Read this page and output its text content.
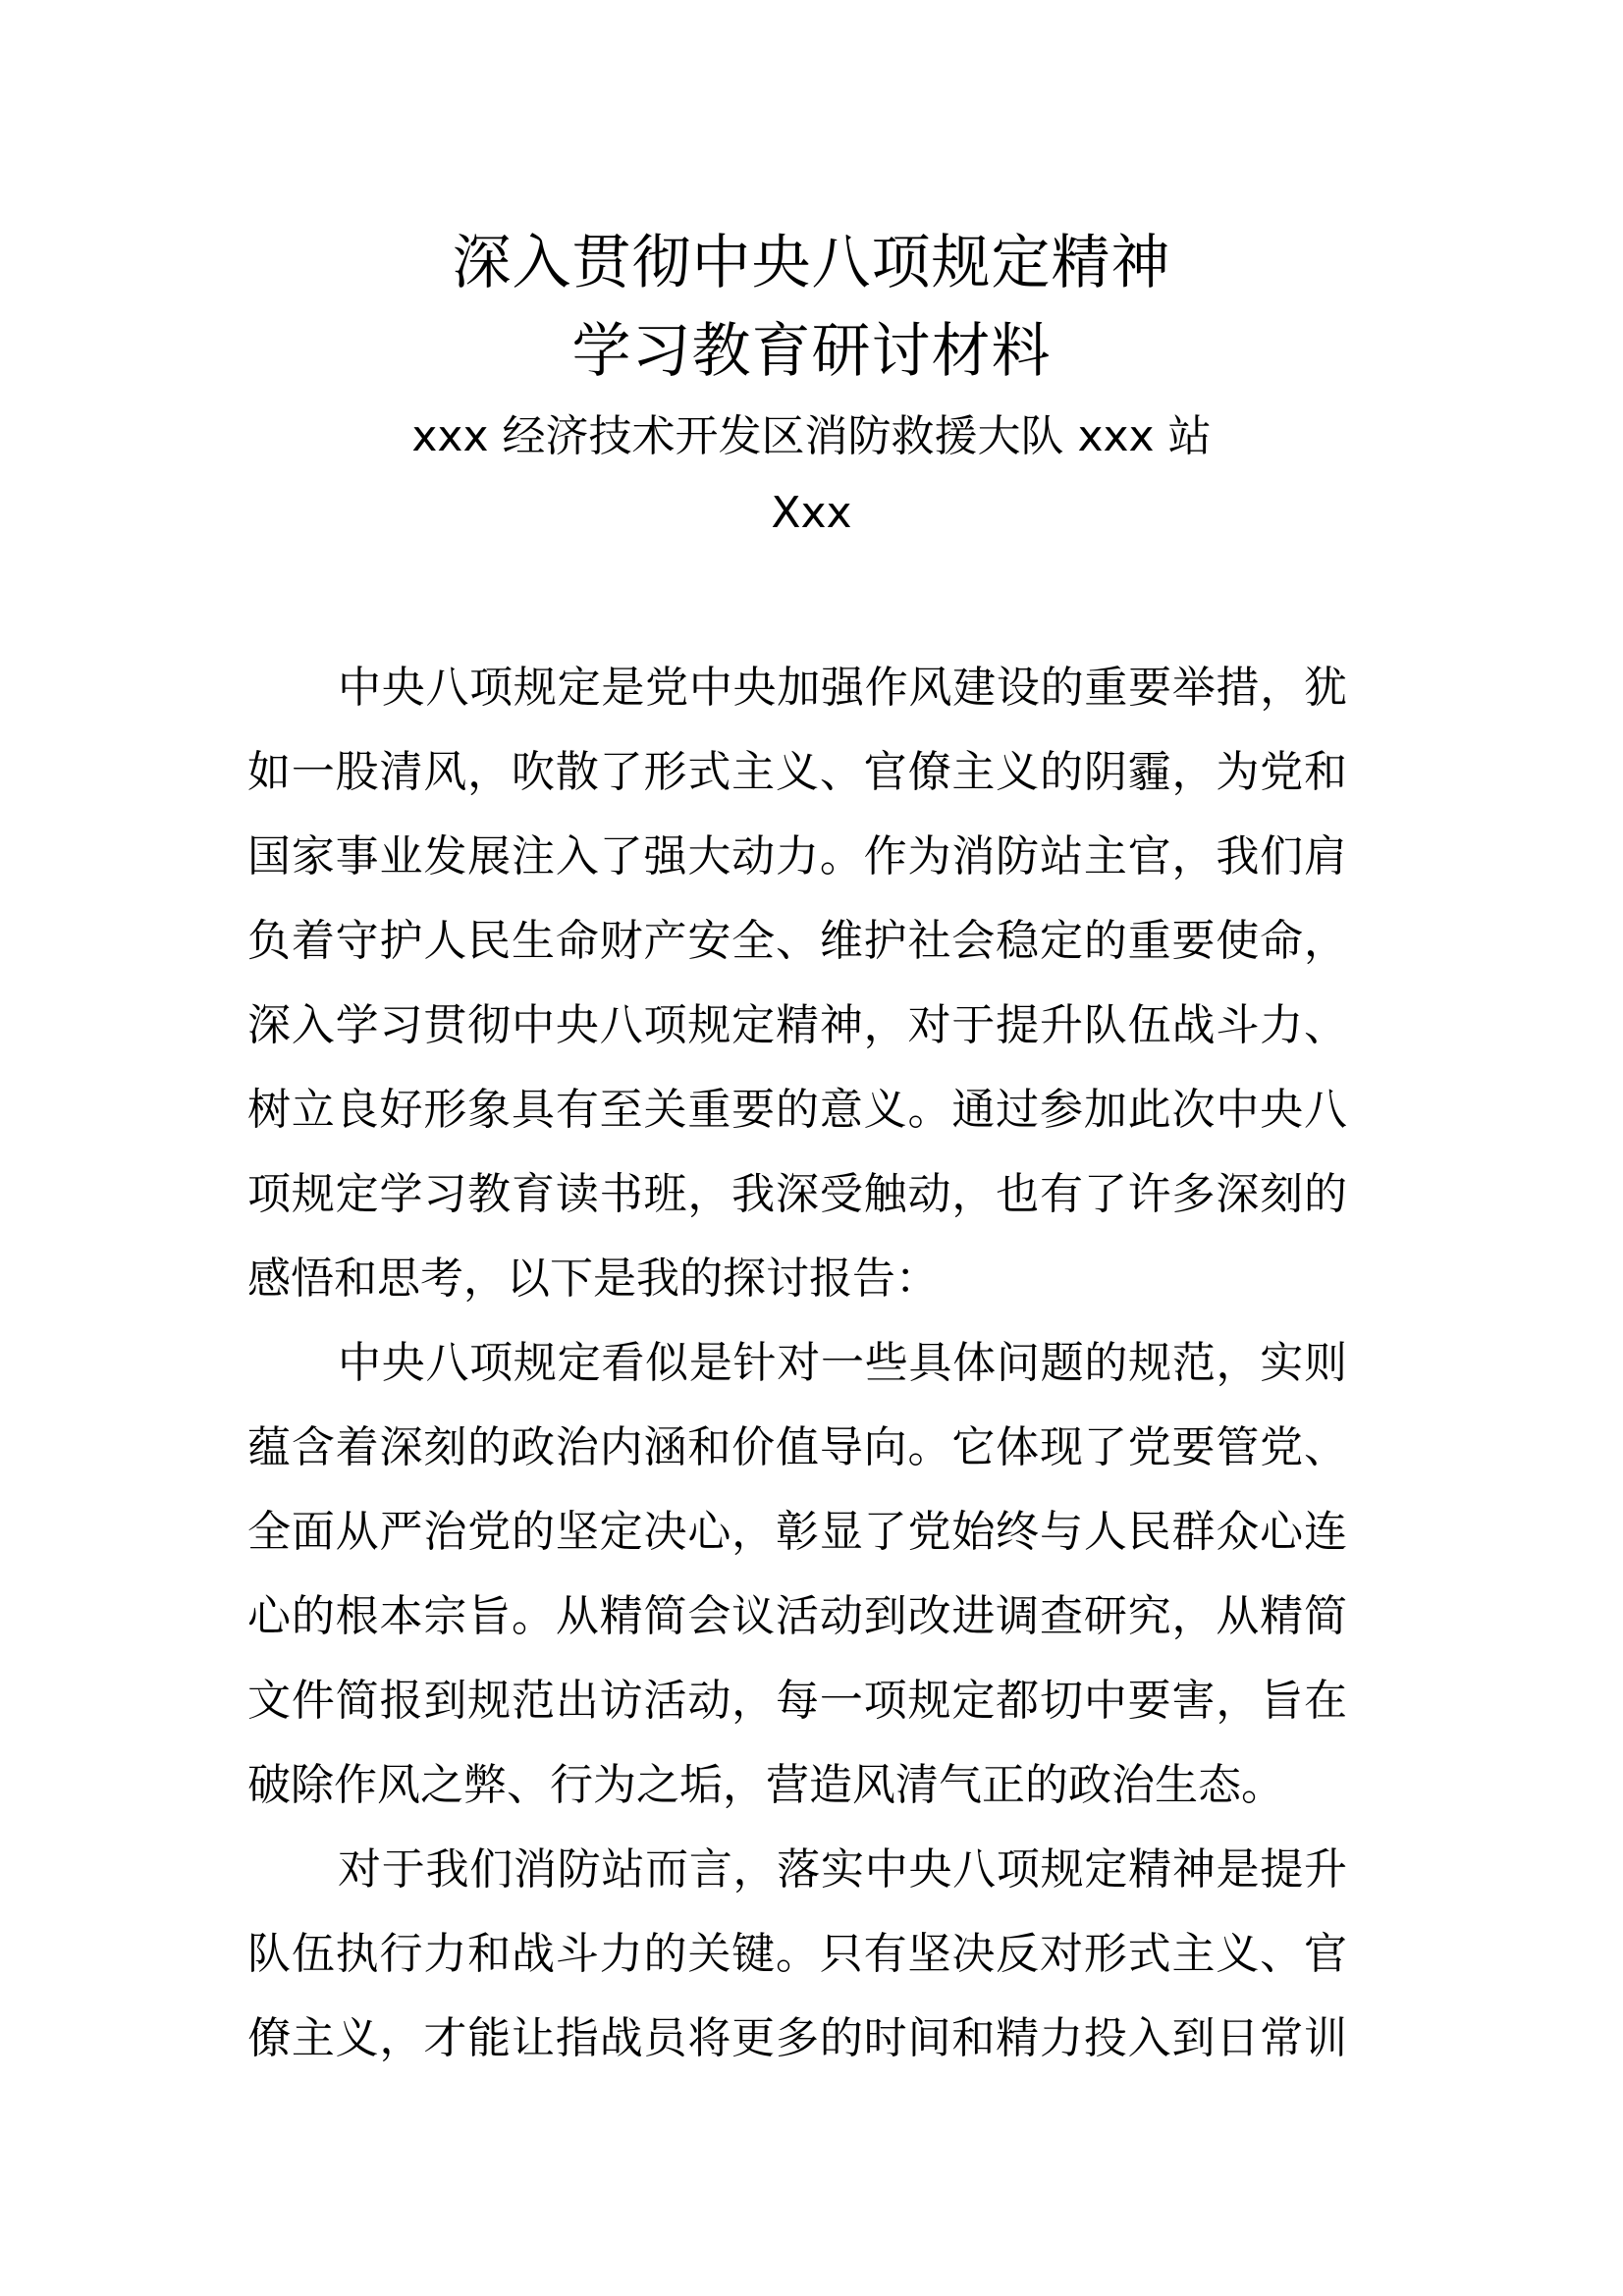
深入贯彻中央八项规定精神
学习教育研讨材料
xxx 经济技术开发区消防救援大队 xxx 站
Xxx
中央八项规定是党中央加强作风建设的重要举措，犹
如一股清风，吹散了形式主义、官僚主义的阴霾，为党和
国家事业发展注入了强大动力。作为消防站主官，我们肩
负着守护人民生命财产安全、维护社会稳定的重要使命，
深入学习贯彻中央八项规定精神，对于提升队伍战斗力、
树立良好形象具有至关重要的意义。通过参加此次中央八
项规定学习教育读书班，我深受触动，也有了许多深刻的
感悟和思考，以下是我的探讨报告：
中央八项规定看似是针对一些具体问题的规范，实则
蕴含着深刻的政治内涵和价值导向。它体现了党要管党、
全面从严治党的坚定决心，彰显了党始终与人民群众心连
心的根本宗旨。从精简会议活动到改进调查研究，从精简
文件简报到规范出访活动，每一项规定都切中要害，旨在
破除作风之弊、行为之垢，营造风清气正的政治生态。
对于我们消防站而言，落实中央八项规定精神是提升
队伍执行力和战斗力的关键。只有坚决反对形式主义、官
僚主义，才能让指战员将更多的时间和精力投入到日常训
